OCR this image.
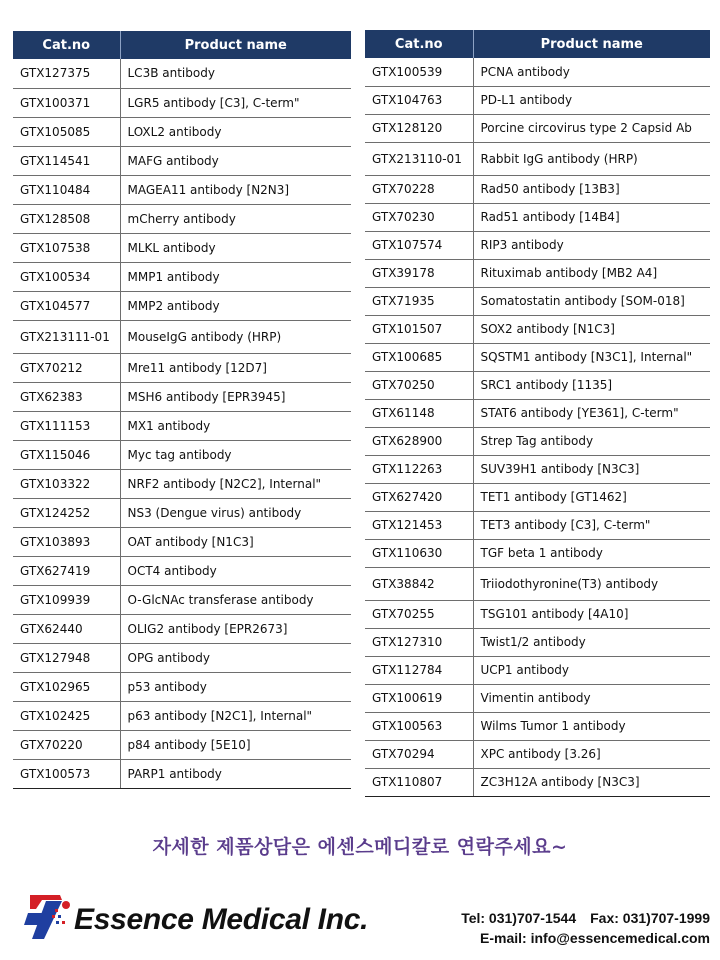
Cat.no	Product name
GTX127375	LC3B antibody
GTX100371	LGR5 antibody [C3], C-term"
GTX105085	LOXL2 antibody
GTX114541	MAFG antibody
GTX110484	MAGEA11 antibody [N2N3]
GTX128508	mCherry antibody
GTX107538	MLKL antibody
GTX100534	MMP1 antibody
GTX104577	MMP2 antibody
GTX213111-01	MouseIgG antibody (HRP)
GTX70212	Mre11 antibody [12D7]
GTX62383	MSH6 antibody [EPR3945]
GTX111153	MX1 antibody
GTX115046	Myc tag antibody
GTX103322	NRF2 antibody [N2C2], Internal"
GTX124252	NS3 (Dengue virus) antibody
GTX103893	OAT antibody [N1C3]
GTX627419	OCT4 antibody
GTX109939	O-GlcNAc transferase antibody
GTX62440	OLIG2 antibody [EPR2673]
GTX127948	OPG antibody
GTX102965	p53 antibody
GTX102425	p63 antibody [N2C1], Internal"
GTX70220	p84 antibody [5E10]
GTX100573	PARP1 antibody
Cat.no	Product name
GTX100539	PCNA antibody
GTX104763	PD-L1 antibody
GTX128120	Porcine circovirus type 2 Capsid Ab
GTX213110-01	Rabbit IgG antibody (HRP)
GTX70228	Rad50 antibody [13B3]
GTX70230	Rad51 antibody [14B4]
GTX107574	RIP3 antibody
GTX39178	Rituximab antibody [MB2 A4]
GTX71935	Somatostatin antibody [SOM-018]
GTX101507	SOX2 antibody [N1C3]
GTX100685	SQSTM1 antibody [N3C1], Internal"
GTX70250	SRC1 antibody [1135]
GTX61148	STAT6 antibody [YE361], C-term"
GTX628900	Strep Tag antibody
GTX112263	SUV39H1 antibody [N3C3]
GTX627420	TET1 antibody [GT1462]
GTX121453	TET3 antibody [C3], C-term"
GTX110630	TGF beta 1 antibody
GTX38842	Triiodothyronine(T3) antibody
GTX70255	TSG101 antibody [4A10]
GTX127310	Twist1/2 antibody
GTX112784	UCP1 antibody
GTX100619	Vimentin antibody
GTX100563	Wilms Tumor 1 antibody
GTX70294	XPC antibody [3.26]
GTX110807	ZC3H12A antibody [N3C3]
자세한 제품상담은 에센스메디칼로 연락주세요~
Essence Medical Inc.	Tel: 031)707-1544 Fax: 031)707-1999
E-mail: info@essencemedical.com
